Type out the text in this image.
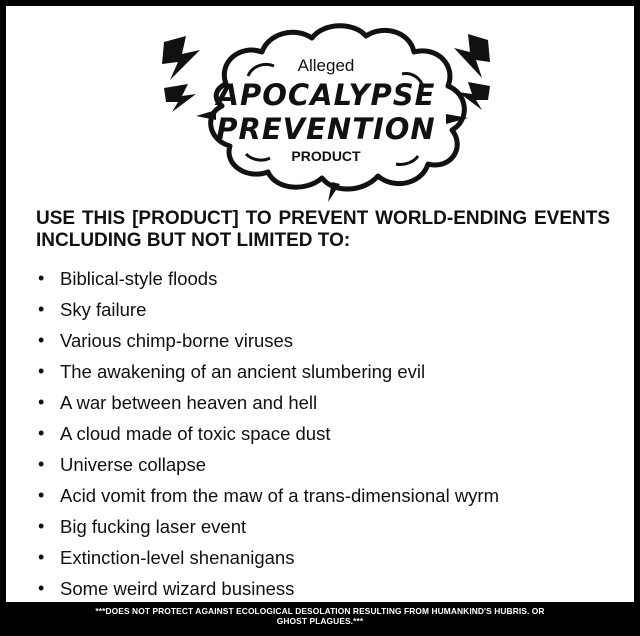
Alleged
APOCALYPSE
PREVENTION
PRODUCT
USE THIS [PRODUCT] TO PREVENT WORLD-ENDING EVENTS INCLUDING BUT NOT LIMITED TO:
• Biblical-style floods
• Sky failure
• Various chimp-borne viruses
• The awakening of an ancient slumbering evil
• A war between heaven and hell
• A cloud made of toxic space dust
• Universe collapse
• Acid vomit from the maw of a trans-dimensional wyrm
• Big fucking laser event
• Extinction-level shenanigans
• Some weird wizard business
***DOES NOT PROTECT AGAINST ECOLOGICAL DESOLATION RESULTING FROM HUMANKIND'S HUBRIS. OR
GHOST PLAGUES.***
